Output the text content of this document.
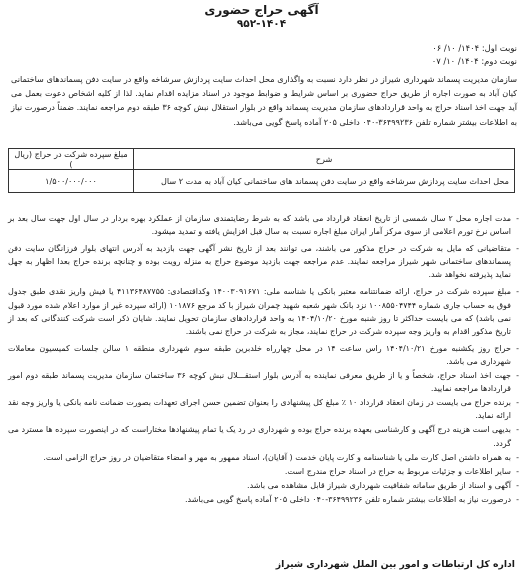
آگهی حراج حضوری
۹۵۲-۱۴۰۴
نوبت اول: ۱۴۰۴/ ۱۰/ ۰۶
نوبت دوم: ۱۴۰۴/ ۱۰/ ۰۷
سازمان مدیریت پسماند شهرداری شیراز در نظر دارد نسبت به واگذاری محل احداث سایت پردازش سرشاخه واقع در سایت دفن پسماندهای ساختمانی کیان آباد به صورت اجاره از طریق حراج حضوری بر اساس شرایط و ضوابط موجود در اسناد مزایده اقدام نماید. لذا از کلیه اشخاص دعوت بعمل می آید جهت اخذ اسناد حراج به واحد قراردادهای سازمان مدیریت پسماند واقع در بلوار استقلال نبش کوچه ۳۶ طبقه دوم مراجعه نمایند. ضمناً درصورت نیاز به اطلاعات بیشتر شماره تلفن ۳۶۴۹۹۲۳۶-۰۴۰ داخلی ۲۰۵ آماده پاسخ گویی می‌باشد.
شرح	مبلغ سپرده شرکت در حراج (ریال )
محل احداث سایت پردازش سرشاخه واقع در سایت دفن پسماند های ساختمانی کیان آباد به مدت ۲ سال	۱/۵۰۰/۰۰۰/۰۰۰
- مدت اجاره محل ۲ سال شمسی از تاریخ انعقاد قرارداد می باشد که به شرط رضایتمندی سازمان از عملکرد بهره بردار در سال اول جهت سال بعد بر اساس نرخ تورم اعلامی از سوی مرکز آمار ایران مبلغ اجاره نسبت به سال قبل افزایش یافته و تمدید میشود.
- متقاضیانی که مایل به شرکت در حراج مذکور می باشند، می توانند بعد از تاریخ نشر آگهی جهت بازدید به آدرس انتهای بلوار فرزانگان سایت دفن پسماندهای ساختمانی شهر شیراز مراجعه نمایند. عدم مراجعه جهت بازدید موضوع حراج به منزله رویت بوده و چنانچه برنده حراج بعدا اظهار به جهل نماید پذیرفته نخواهد شد.
- مبلغ سپرده شرکت در حراج، ارائه ضمانتنامه معتبر بانکی یا شناسه ملی: ۱۴۰۰۳۰۹۱۶۷۱ وکداقتصادی: ۴۱۱۳۶۴۸۷۷۵۵ یا فیش واریز نقدی طبق جدول فوق به حساب جاری شماره ۱۰۰۸۵۵۰۴۷۴۴ نزد بانک شهر شعبه شهید چمران شیراز با کد مرجع ۱۰۱۸۷۶ (ارائه سپرده غیر از موارد اعلام شده مورد قبول نمی باشد) که می بایست حداکثر تا روز شنبه مورخ ۱۴۰۴/۱۰/۲۰ به واحد قراردادهای سازمان تحویل نمایند. شایان ذکر است شرکت کنندگانی که بعد از تاریخ مذکور اقدام به واریز وجه سپرده شرکت در حراج نمایند، مجاز به شرکت در حراج نمی باشند.
- حراج روز یکشنبه مورخ ۱۴۰۴/۱۰/۲۱ راس ساعت ۱۴ در محل چهارراه خلدبرین طبقه سوم شهرداری منطقه ۱ سالن جلسات کمیسیون معاملات شهرداری می باشد.
- جهت اخذ اسناد حراج، شخصاً و یا از طریق معرفی نماینده به آدرس بلوار استقـــلال نبش کوچه ۳۶ ساختمان سازمان مدیریت پسماند طبقه دوم امور قراردادها مراجعه نمایید.
- برنده حراج می بایست در زمان انعقاد قرارداد ۱۰ ٪ مبلغ کل پیشنهادی را بعنوان تضمین حسن اجرای تعهدات بصورت ضمانت نامه بانکی یا واریز وجه نقد ارائه نماید.
- بدیهی است هزینه درج آگهی و کارشناسی بعهده برنده حراج بوده و شهرداری در رد یک یا تمام پیشنهادها مختاراست که در اینصورت سپرده ها مسترد می گردد.
- به همراه داشتن اصل کارت ملی یا شناسنامه و کارت پایان خدمت ( آقایان)، اسناد ممهور به مهر و امضاء متقاضیان در روز حراج الزامی است.
- سایر اطلاعات و جزئیات مربوط به حراج در اسناد حراج مندرج است.
- آگهی و اسناد از طریق سامانه شفافیت شهرداری شیراز قابل مشاهده می باشد.
- درصورت نیاز به اطلاعات بیشتر شماره تلفن ۳۶۴۹۹۲۳۶-۰۴۰ داخلی ۲۰۵ آماده پاسخ گویی می‌باشد.
اداره کل ارتباطات و امور بین الملل شهرداری شیراز
